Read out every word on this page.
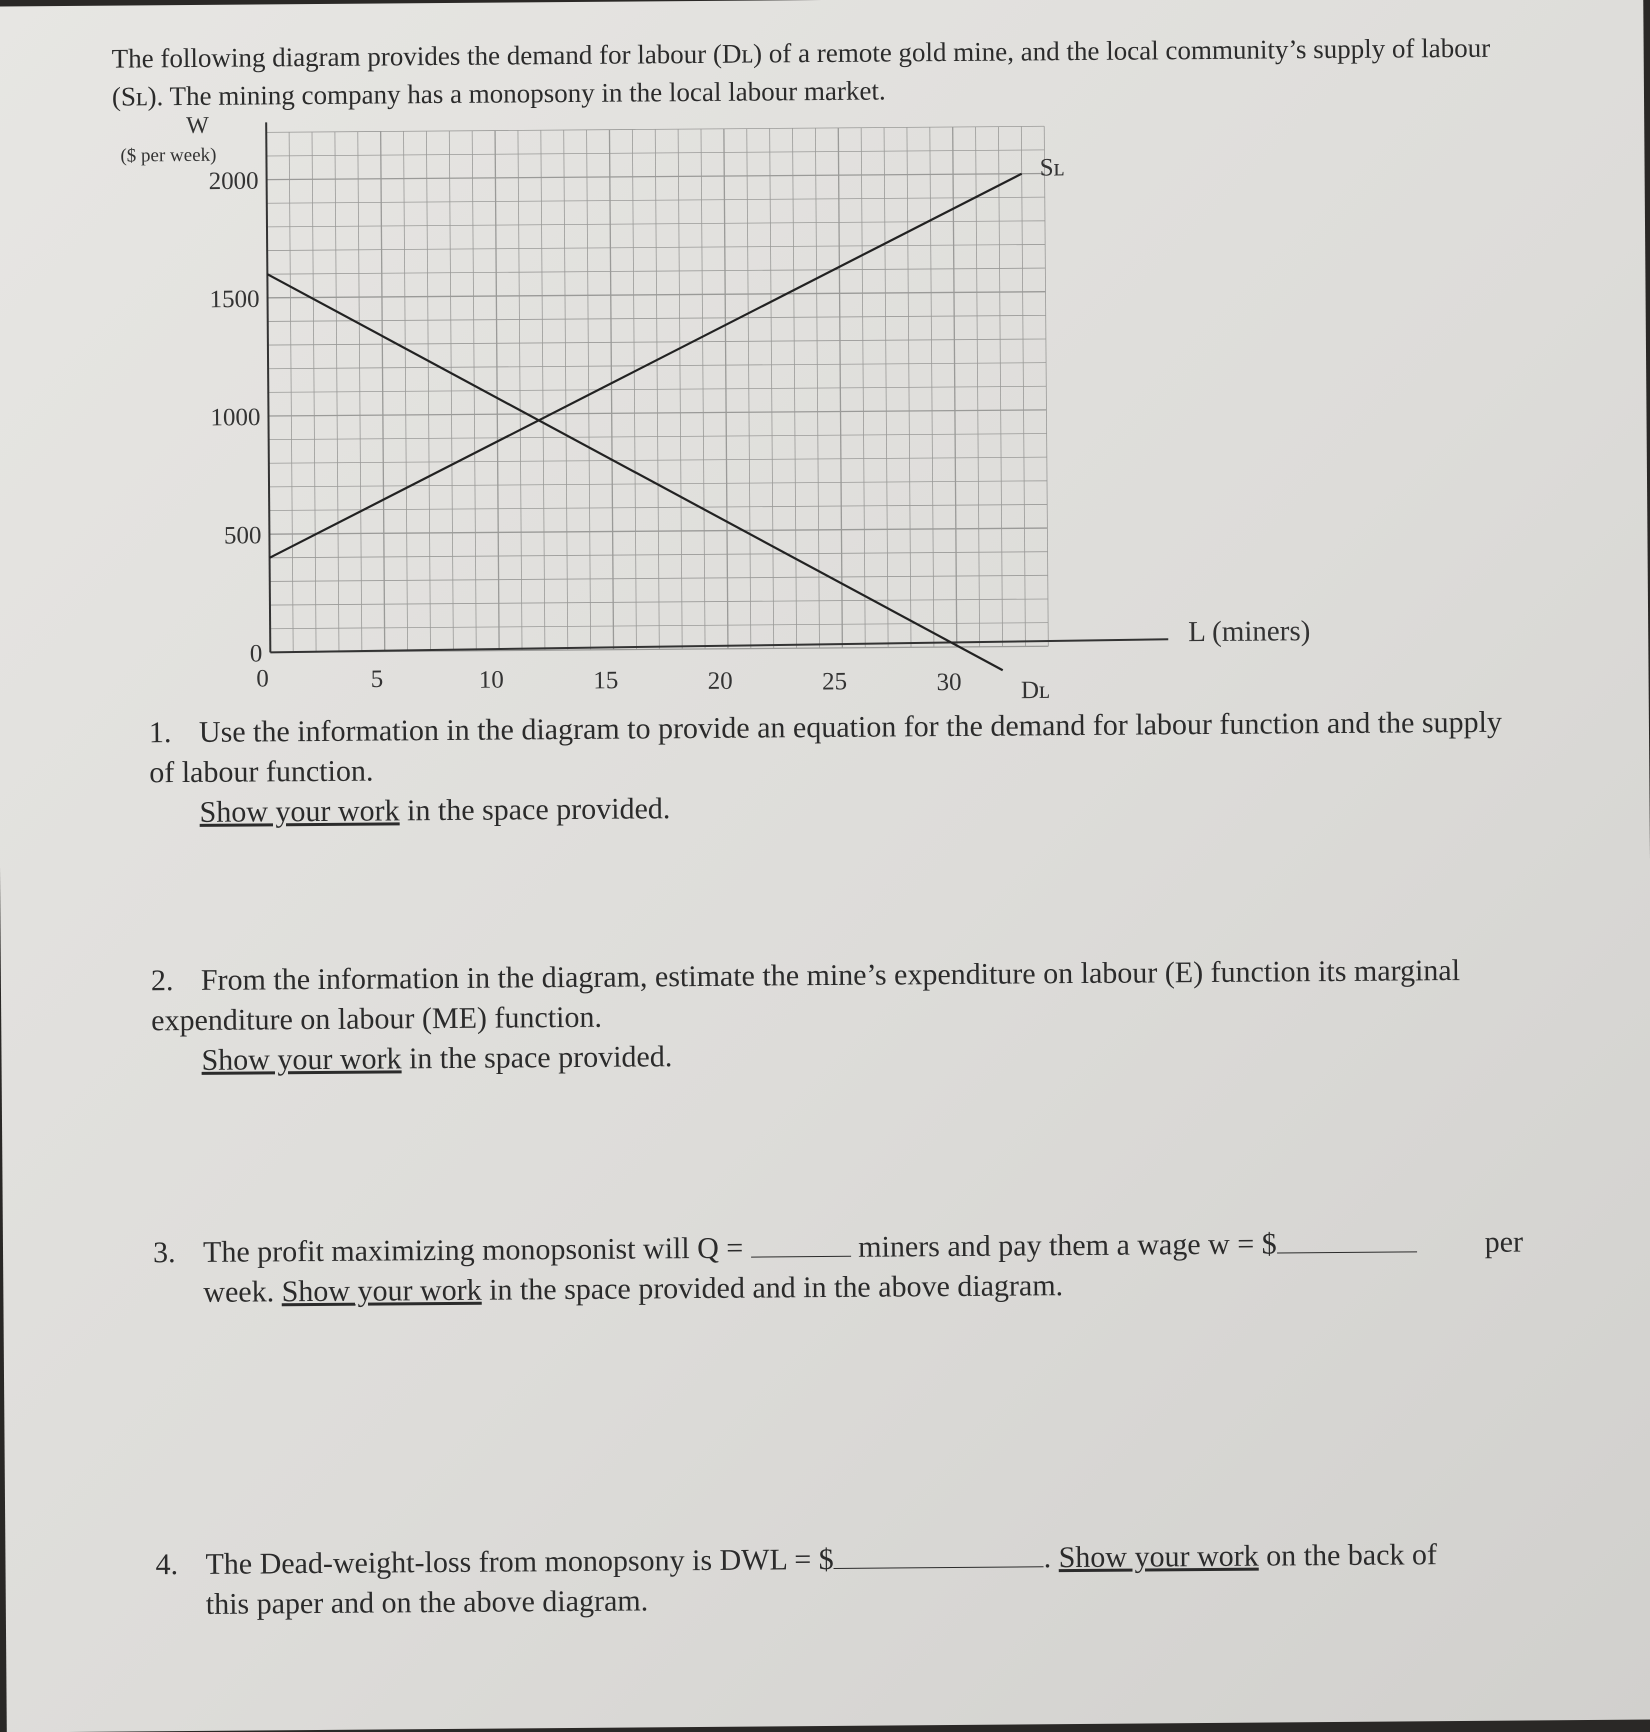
The following diagram provides the demand for labour (Dʟ) of a remote gold mine, and the local community’s supply of labour (Sʟ). The mining company has a monopsony in the local labour market.

W
($ per week)
L (miners)
2000
1500
1000
500
0
0	5	10	15	20	25	30
Sʟ
Dʟ

1. Use the information in the diagram to provide an equation for the demand for labour function and the supply of labour function.
Show your work in the space provided.

2. From the information in the diagram, estimate the mine’s expenditure on labour (E) function its marginal expenditure on labour (ME) function.
Show your work in the space provided.

3. The profit maximizing monopsonist will Q =	miners and pay them a wage w = $	per
week. Show your work in the space provided and in the above diagram.

4. The Dead-weight-loss from monopsony is DWL = $	. Show your work on the back of
this paper and on the above diagram.
